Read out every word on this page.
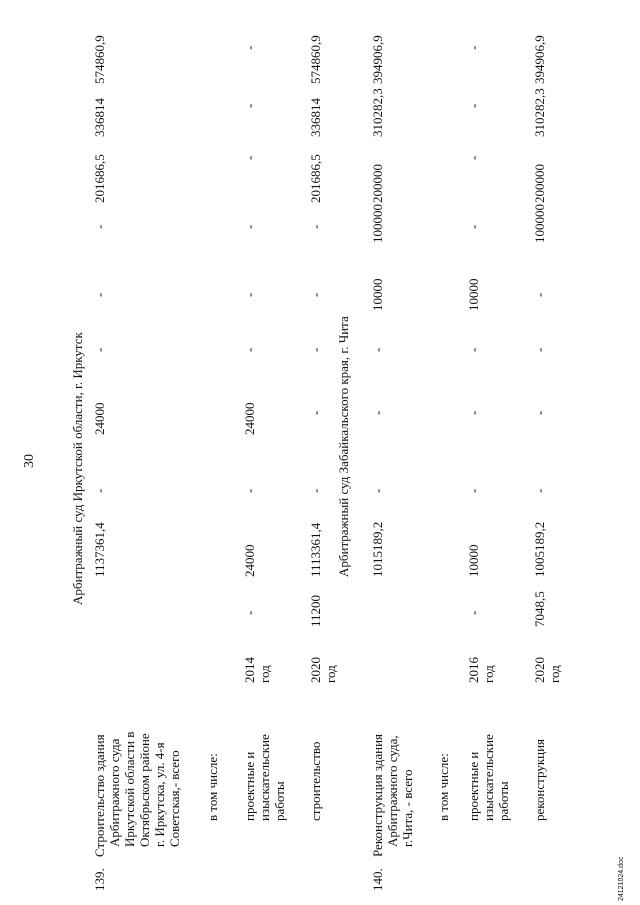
30	Арбитражный суд Иркутской области, г. Иркутск
139.
Строительство здания Арбитражного суда Иркутской области в Октябрьском районе г. Иркутска, ул. 4-я Советская,- всего
1137361,4
-
24000
-
-
-
201686,5
336814
574860,9
в том числе: проектные и изыскательские работы
2014 год
-
24000
-
24000
-
-
-
-
-
-
строительство
2020 год
11200
1113361,4
-
-
-
-
-
201686,5
336814
574860,9
Арбитражный суд Забайкальского края, г. Чита
140.
Реконструкция здания Арбитражного суда, г.Чита, - всего
1015189,2
-
-
-
10000
100000
200000
310282,3
394906,9
в том числе: проектные и изыскательские работы
2016 год
-
10000
-
-
-
10000
-
-
-
-
реконструкция
2020 год
7048,5
1005189,2
-
-
-
-
100000
200000
310282,3
394906,9
24121024.doc
